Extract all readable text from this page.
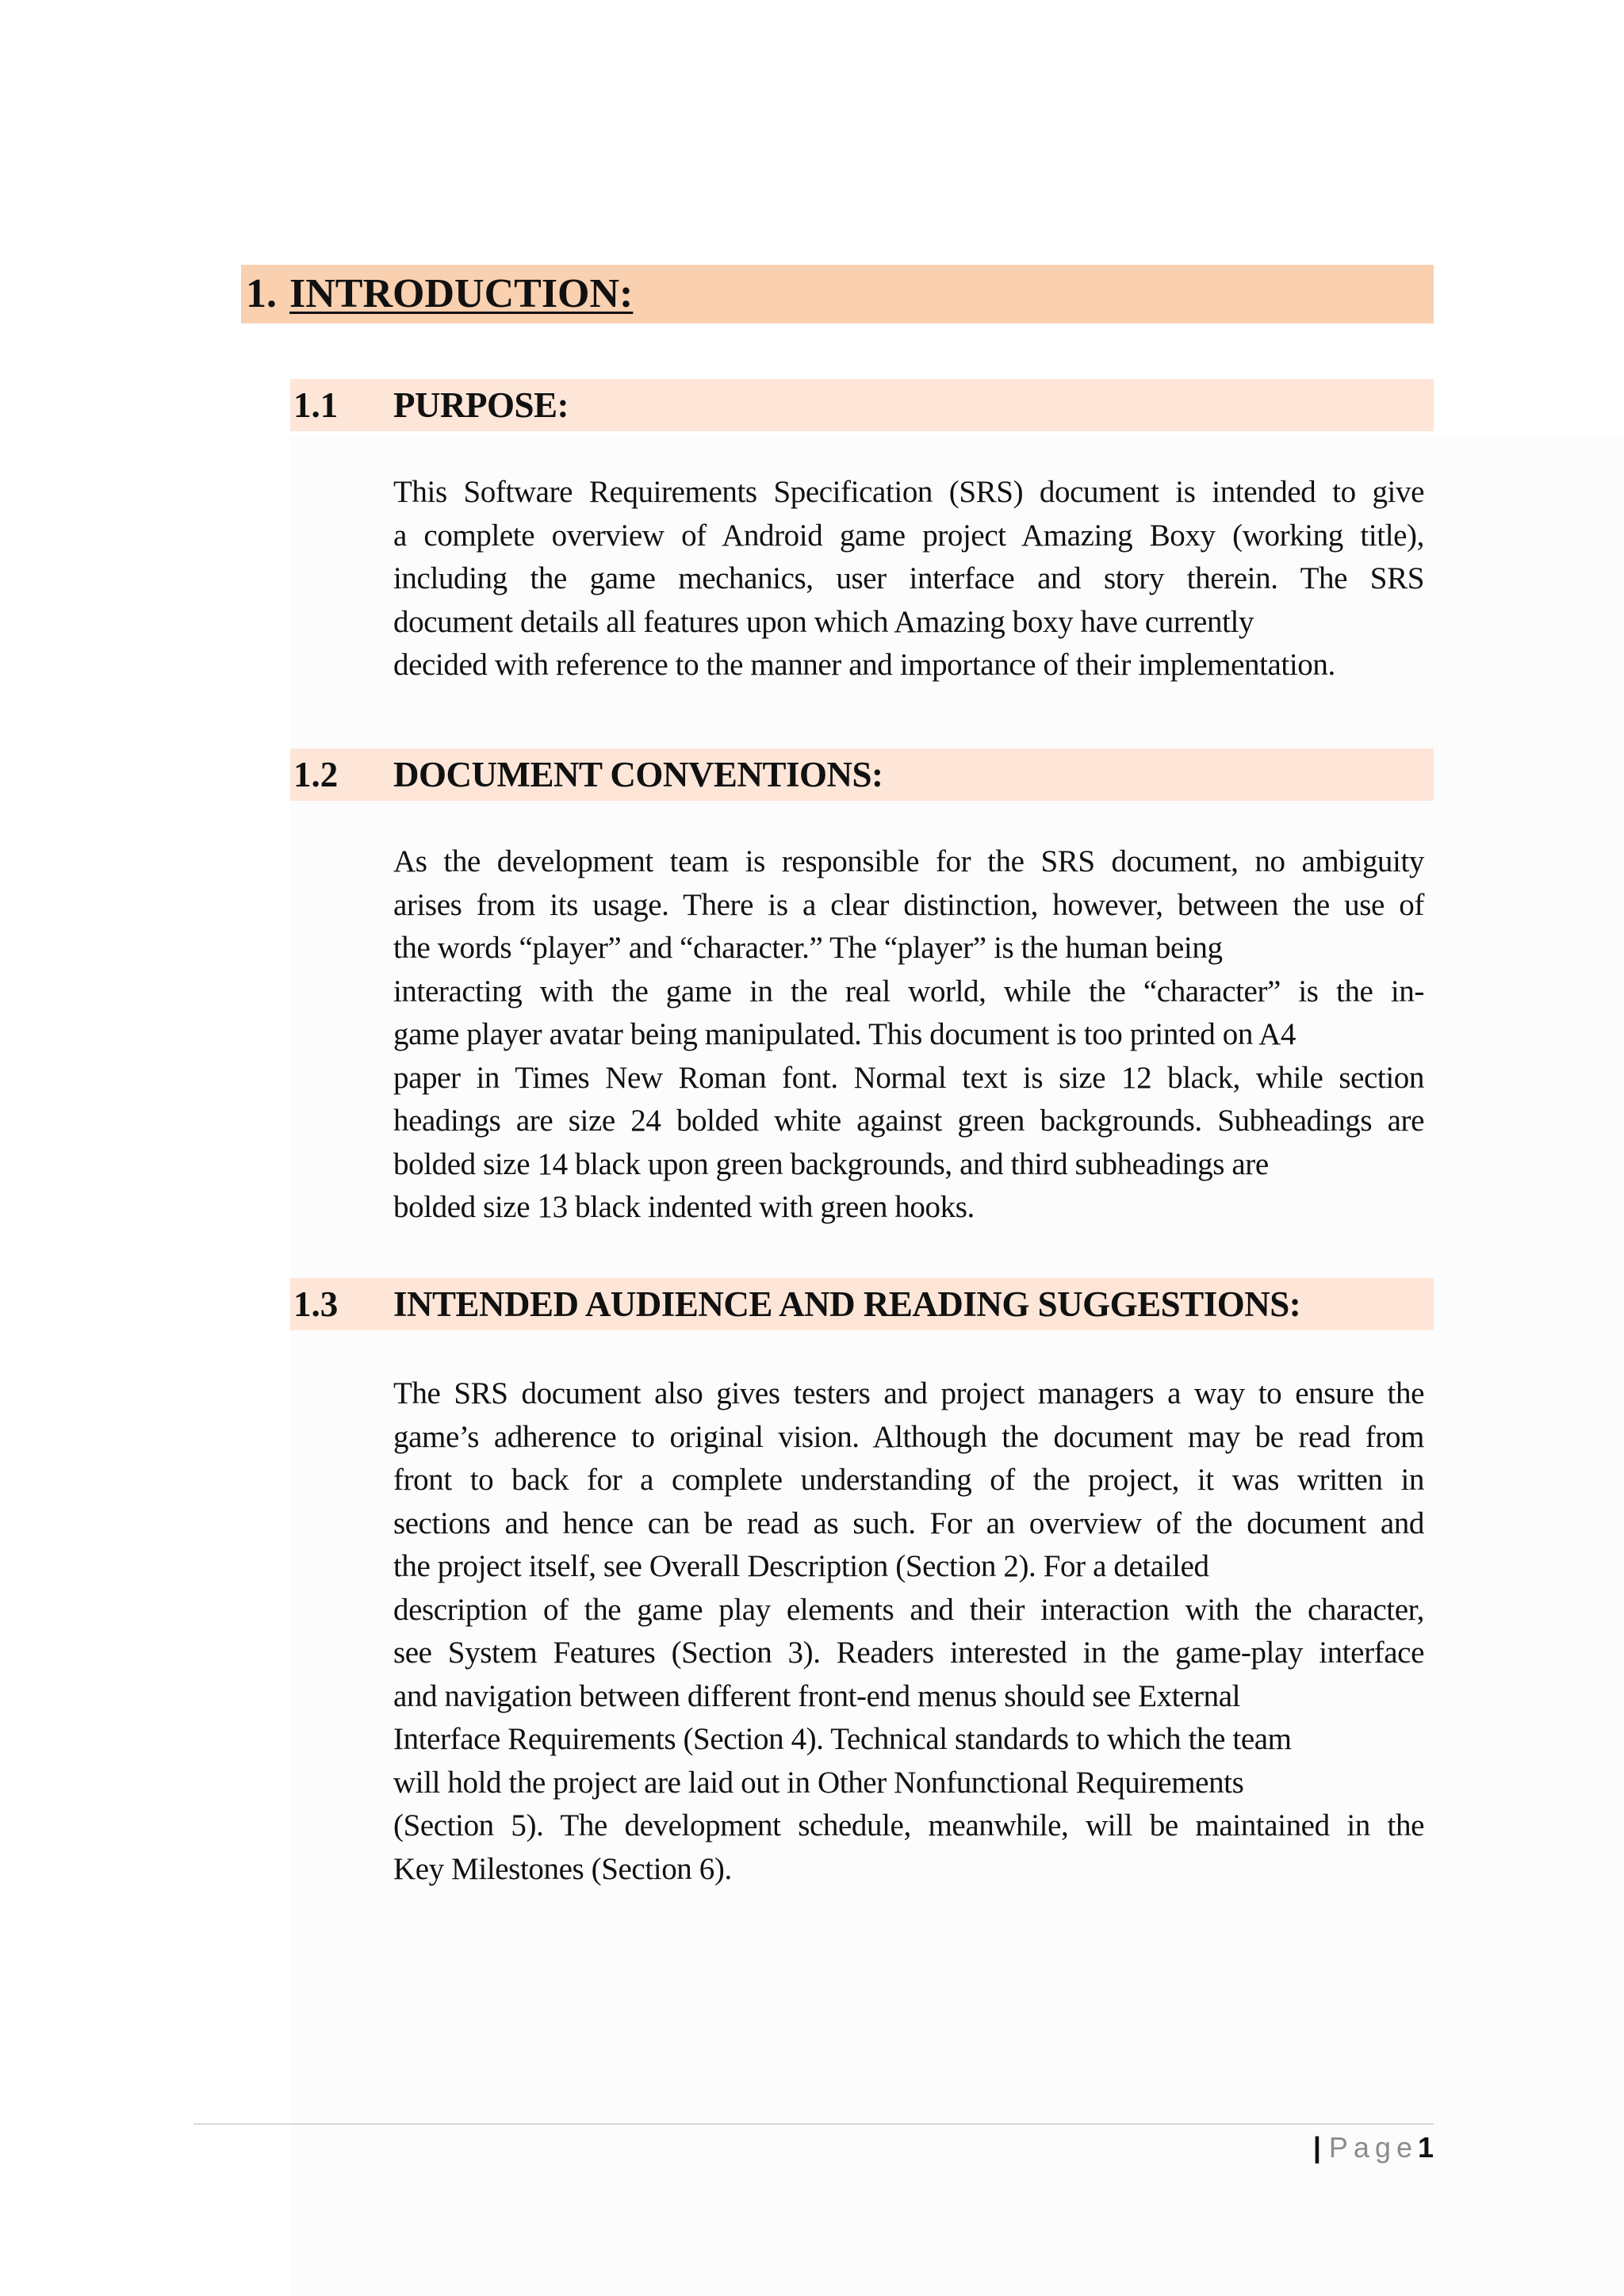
1. INTRODUCTION:
1.1 PURPOSE:
This Software Requirements Specification (SRS) document is intended to give
a complete overview of Android game project Amazing Boxy (working title),
including the game mechanics, user interface and story therein. The SRS
document details all features upon which Amazing boxy have currently
decided with reference to the manner and importance of their implementation.
1.2 DOCUMENT CONVENTIONS:
As the development team is responsible for the SRS document, no ambiguity
arises from its usage. There is a clear distinction, however, between the use of
the words “player” and “character.” The “player” is the human being
interacting with the game in the real world, while the “character” is the in-
game player avatar being manipulated. This document is too printed on A4
paper in Times New Roman font. Normal text is size 12 black, while section
headings are size 24 bolded white against green backgrounds. Subheadings are
bolded size 14 black upon green backgrounds, and third subheadings are
bolded size 13 black indented with green hooks.
1.3 INTENDED AUDIENCE AND READING SUGGESTIONS:
The SRS document also gives testers and project managers a way to ensure the
game’s adherence to original vision. Although the document may be read from
front to back for a complete understanding of the project, it was written in
sections and hence can be read as such. For an overview of the document and
the project itself, see Overall Description (Section 2). For a detailed
description of the game play elements and their interaction with the character,
see System Features (Section 3). Readers interested in the game-play interface
and navigation between different front-end menus should see External
Interface Requirements (Section 4). Technical standards to which the team
will hold the project are laid out in Other Nonfunctional Requirements
(Section 5). The development schedule, meanwhile, will be maintained in the
Key Milestones (Section 6).
| Page1
